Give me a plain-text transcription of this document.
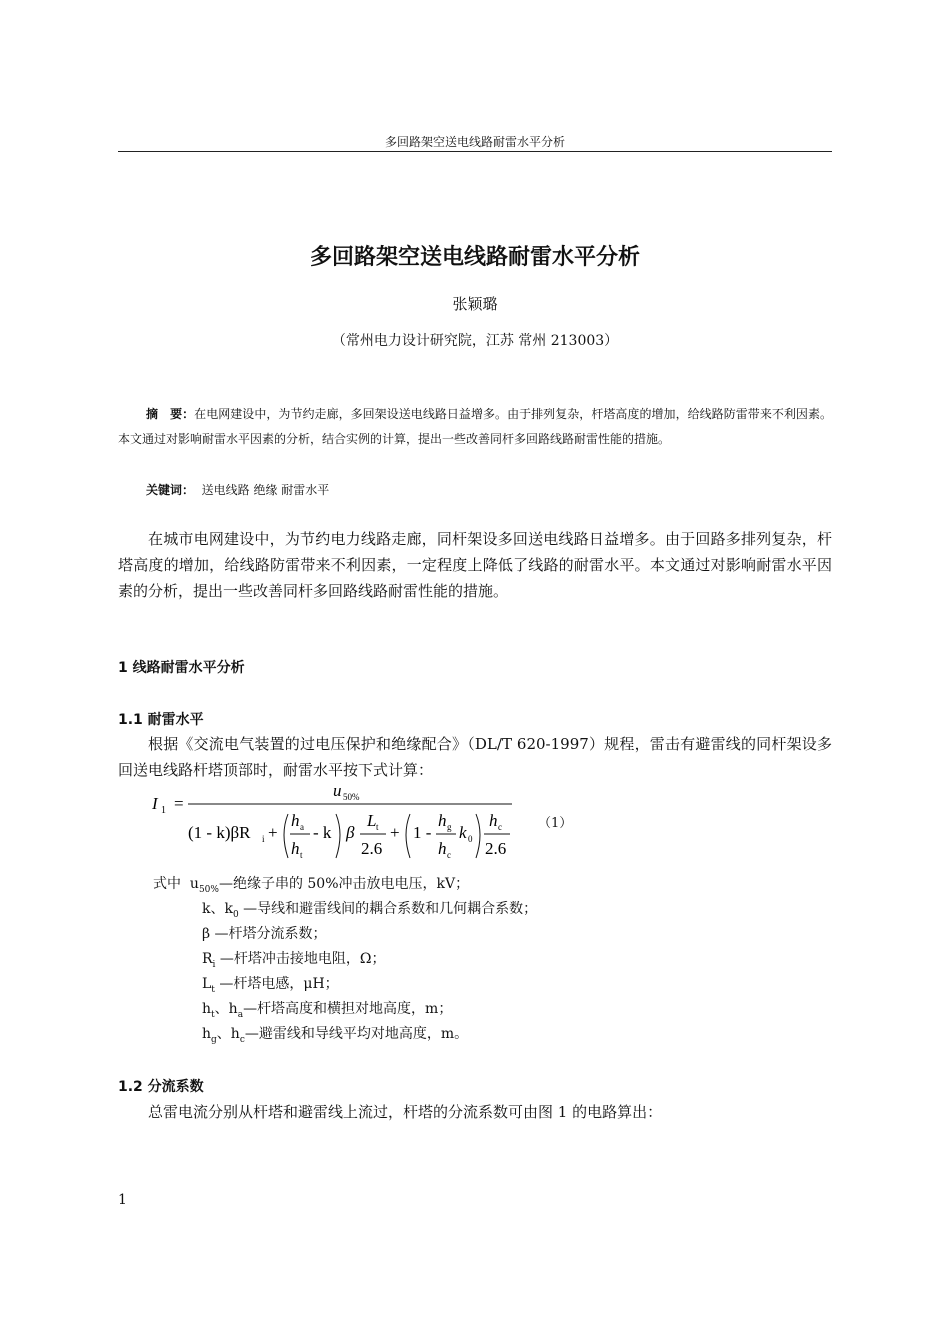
多回路架空送电线路耐雷水平分析
多回路架空送电线路耐雷水平分析
张颖璐
（常州电力设计研究院，江苏 常州 213003）
摘　要：在电网建设中，为节约走廊，多回架设送电线路日益增多。由于排列复杂，杆塔高度的增加，给线路防雷带来不利因素。本文通过对影响耐雷水平因素的分析，结合实例的计算，提出一些改善同杆多回路线路耐雷性能的措施。
关键词： 送电线路 绝缘 耐雷水平
在城市电网建设中，为节约电力线路走廊，同杆架设多回送电线路日益增多。由于回路多排列复杂，杆塔高度的增加，给线路防雷带来不利因素，一定程度上降低了线路的耐雷水平。本文通过对影响耐雷水平因素的分析，提出一些改善同杆多回路线路耐雷性能的措施。
1 线路耐雷水平分析
1.1 耐雷水平
根据《交流电气装置的过电压保护和绝缘配合》（DL/T 620-1997）规程，雷击有避雷线的同杆架设多回送电线路杆塔顶部时，耐雷水平按下式计算：
I 1 =
u 50%
(1 - k)βR i +
h a
h t
- k β
L t
2.6
+ 1 -
h g
h c
k 0
h c
2.6
（1）
式中 $u_{50\%}—$绝缘子串的 50%冲击放电电压，kV；
k、$k_0$ —导线和避雷线间的耦合系数和几何耦合系数；
β —杆塔分流系数；
$R_i$ —杆塔冲击接地电阻，Ω；
$L_t$ —杆塔电感，μH；
$h_t$、$h_a—$杆塔高度和横担对地高度，m；
$h_g$、$h_c—$避雷线和导线平均对地高度，m。
1.2 分流系数
总雷电流分别从杆塔和避雷线上流过，杆塔的分流系数可由图 1 的电路算出：
1
